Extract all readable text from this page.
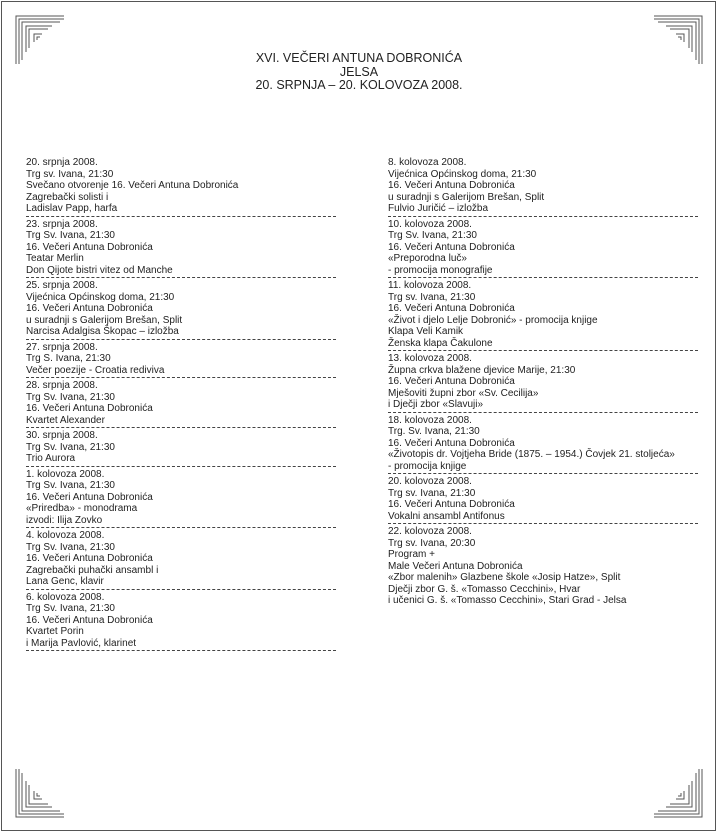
XVI. VEČERI ANTUNA DOBRONIĆA
JELSA
20. SRPNJA – 20. KOLOVOZA 2008.
20. srpnja 2008.
Trg sv. Ivana, 21:30
Svečano otvorenje 16. Večeri Antuna Dobronića
Zagrebački solisti i
Ladislav Papp, harfa
23. srpnja 2008.
Trg Sv. Ivana, 21:30
16. Večeri Antuna Dobronića
Teatar Merlin
Don Qijote bistri vitez od Manche
25. srpnja 2008.
Vijećnica Općinskog doma, 21:30
16. Večeri Antuna Dobronića
u suradnji s Galerijom Brešan, Split
Narcisa Adalgisa Škopac – izložba
27. srpnja 2008.
Trg S. Ivana, 21:30
Večer poezije - Croatia rediviva
28. srpnja 2008.
Trg Sv. Ivana, 21:30
16. Večeri Antuna Dobronića
Kvartet Alexander
30. srpnja 2008.
Trg Sv. Ivana, 21:30
Trio Aurora
1. kolovoza 2008.
Trg Sv. Ivana, 21:30
16. Večeri Antuna Dobronića
«Priredba» - monodrama
izvodi: Ilija Zovko
4. kolovoza 2008.
Trg Sv. Ivana, 21:30
16. Večeri Antuna Dobronića
Zagrebački puhački ansambl i
Lana Genc, klavir
6. kolovoza 2008.
Trg Sv. Ivana, 21:30
16. Večeri Antuna Dobronića
Kvartet Porin
i Marija Pavlović, klarinet
8. kolovoza 2008.
Vijećnica Općinskog doma, 21:30
16. Večeri Antuna Dobronića
u suradnji s Galerijom Brešan, Split
Fulvio Juričić – izložba
10. kolovoza 2008.
Trg Sv. Ivana, 21:30
16. Večeri Antuna Dobronića
«Preporodna luč»
- promocija monografije
11. kolovoza 2008.
Trg sv. Ivana, 21:30
16. Večeri Antuna Dobronića
«Život i djelo Lelje Dobronić» - promocija knjige
Klapa Veli Kamik
Ženska klapa Čakulone
13. kolovoza 2008.
Župna crkva blažene djevice Marije, 21:30
16. Večeri Antuna Dobronića
Mješoviti župni zbor «Sv. Cecilija»
i Dječji zbor «Slavuji»
18. kolovoza 2008.
Trg. Sv. Ivana, 21:30
16. Večeri Antuna Dobronića
«Životopis dr. Vojtjeha Bride (1875. – 1954.) Čovjek 21. stoljeća»
- promocija knjige
20. kolovoza 2008.
Trg sv. Ivana, 21:30
16. Večeri Antuna Dobronića
Vokalni ansambl Antifonus
22. kolovoza 2008.
Trg sv. Ivana, 20:30
Program +
Male Večeri Antuna Dobronića
«Zbor malenih» Glazbene škole «Josip Hatze», Split
Dječji zbor G. š. «Tomasso Cecchini», Hvar
i učenici G. š. «Tomasso Cecchini», Stari Grad - Jelsa
